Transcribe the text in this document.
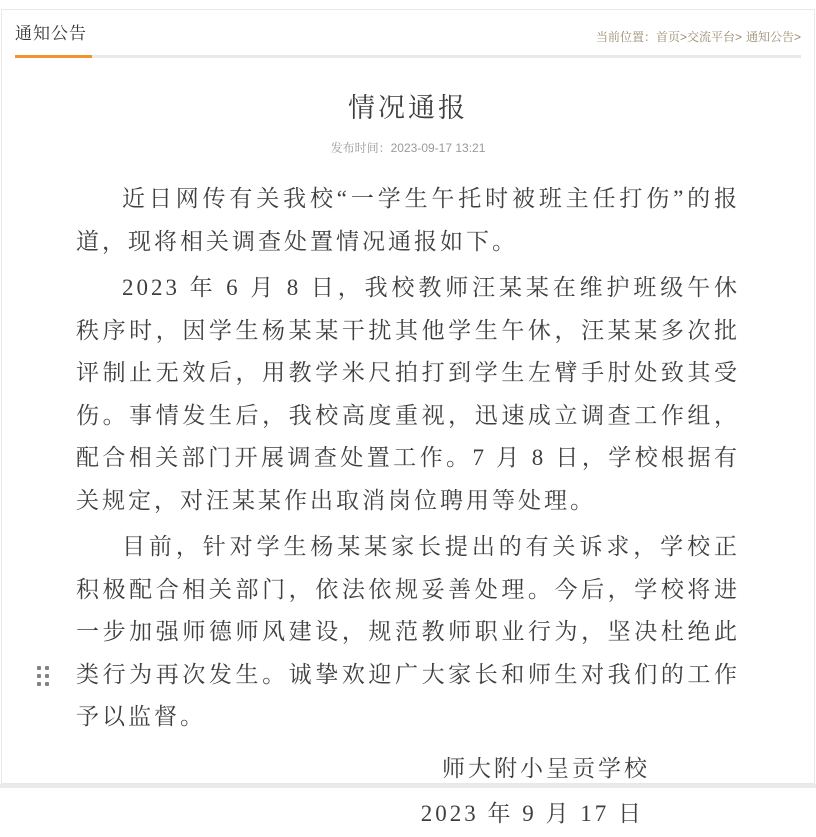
通知公告	当前位置：首页>交流平台> 通知公告>
情况通报
发布时间：2023-09-17 13:21

近日网传有关我校“一学生午托时被班主任打伤”的报道，现将相关调查处置情况通报如下。

2023 年 6 月 8 日，我校教师汪某某在维护班级午休秩序时，因学生杨某某干扰其他学生午休，汪某某多次批评制止无效后，用教学米尺拍打到学生左臂手肘处致其受伤。事情发生后，我校高度重视，迅速成立调查工作组，配合相关部门开展调查处置工作。7 月 8 日，学校根据有关规定，对汪某某作出取消岗位聘用等处理。

目前，针对学生杨某某家长提出的有关诉求，学校正积极配合相关部门，依法依规妥善处理。今后，学校将进一步加强师德师风建设，规范教师职业行为，坚决杜绝此类行为再次发生。诚挚欢迎广大家长和师生对我们的工作予以监督。

师大附小呈贡学校
2023 年 9 月 17 日
